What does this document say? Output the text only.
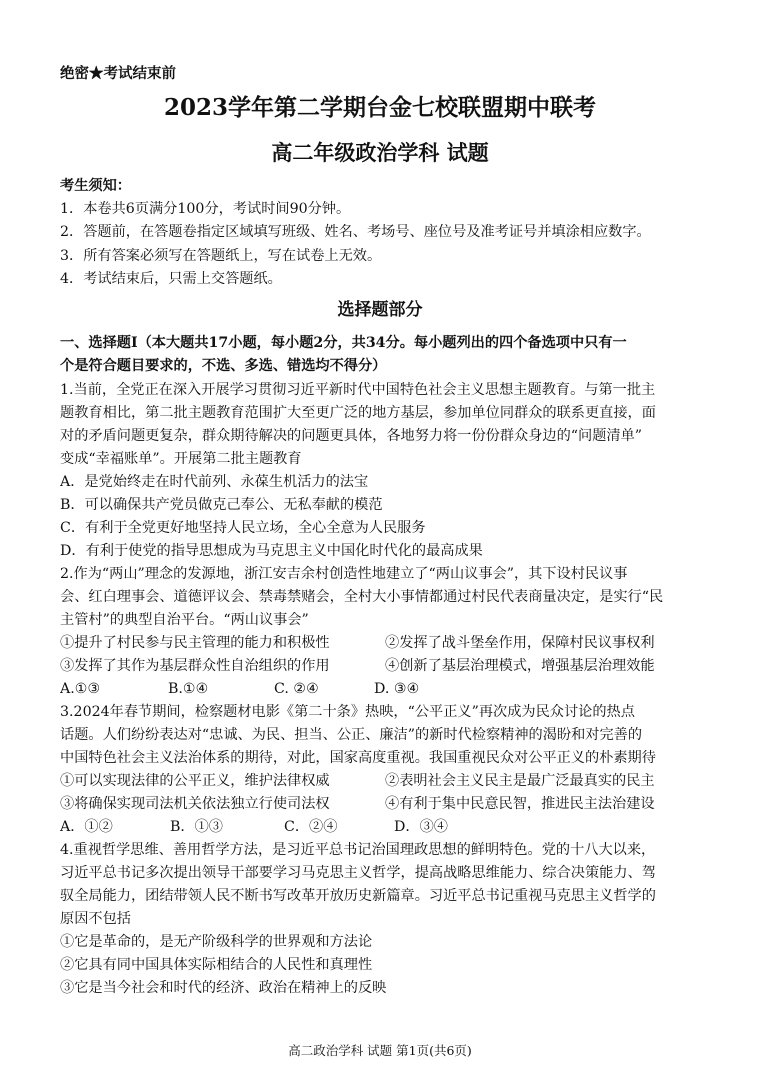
绝密★考试结束前
2023学年第二学期台金七校联盟期中联考
高二年级政治学科 试题
考生须知：
1．本卷共6页满分100分，考试时间90分钟。
2．答题前，在答题卷指定区域填写班级、姓名、考场号、座位号及准考证号并填涂相应数字。
3．所有答案必须写在答题纸上，写在试卷上无效。
4．考试结束后，只需上交答题纸。
选择题部分
一、选择题Ⅰ（本大题共17小题，每小题2分，共34分。每小题列出的四个备选项中只有一
个是符合题目要求的，不选、多选、错选均不得分）
1.当前，全党正在深入开展学习贯彻习近平新时代中国特色社会主义思想主题教育。与第一批主
题教育相比，第二批主题教育范围扩大至更广泛的地方基层，参加单位同群众的联系更直接，面
对的矛盾问题更复杂，群众期待解决的问题更具体，各地努力将一份份群众身边的“问题清单”
变成“幸福账单”。开展第二批主题教育
A．是党始终走在时代前列、永葆生机活力的法宝
B．可以确保共产党员做克己奉公、无私奉献的模范
C．有利于全党更好地坚持人民立场，全心全意为人民服务
D．有利于使党的指导思想成为马克思主义中国化时代化的最高成果
2.作为“两山”理念的发源地，浙江安吉余村创造性地建立了“两山议事会”，其下设村民议事
会、红白理事会、道德评议会、禁毒禁赌会，全村大小事情都通过村民代表商量决定，是实行“民
主管村”的典型自治平台。“两山议事会”
①提升了村民参与民主管理的能力和积极性	②发挥了战斗堡垒作用，保障村民议事权利
③发挥了其作为基层群众性自治组织的作用	④创新了基层治理模式，增强基层治理效能
A.①③	B.①④	C. ②④	D. ③④
3.2024年春节期间，检察题材电影《第二十条》热映，“公平正义”再次成为民众讨论的热点
话题。人们纷纷表达对“忠诚、为民、担当、公正、廉洁”的新时代检察精神的渴盼和对完善的
中国特色社会主义法治体系的期待，对此，国家高度重视。我国重视民众对公平正义的朴素期待
①可以实现法律的公平正义，维护法律权威	②表明社会主义民主是最广泛最真实的民主
③将确保实现司法机关依法独立行使司法权	④有利于集中民意民智，推进民主法治建设
A．①②	B．①③	C．②④	D．③④
4.重视哲学思维、善用哲学方法，是习近平总书记治国理政思想的鲜明特色。党的十八大以来，
习近平总书记多次提出领导干部要学习马克思主义哲学，提高战略思维能力、综合决策能力、驾
驭全局能力，团结带领人民不断书写改革开放历史新篇章。习近平总书记重视马克思主义哲学的
原因不包括
①它是革命的，是无产阶级科学的世界观和方法论
②它具有同中国具体实际相结合的人民性和真理性
③它是当今社会和时代的经济、政治在精神上的反映
高二政治学科 试题 第1页(共6页)
